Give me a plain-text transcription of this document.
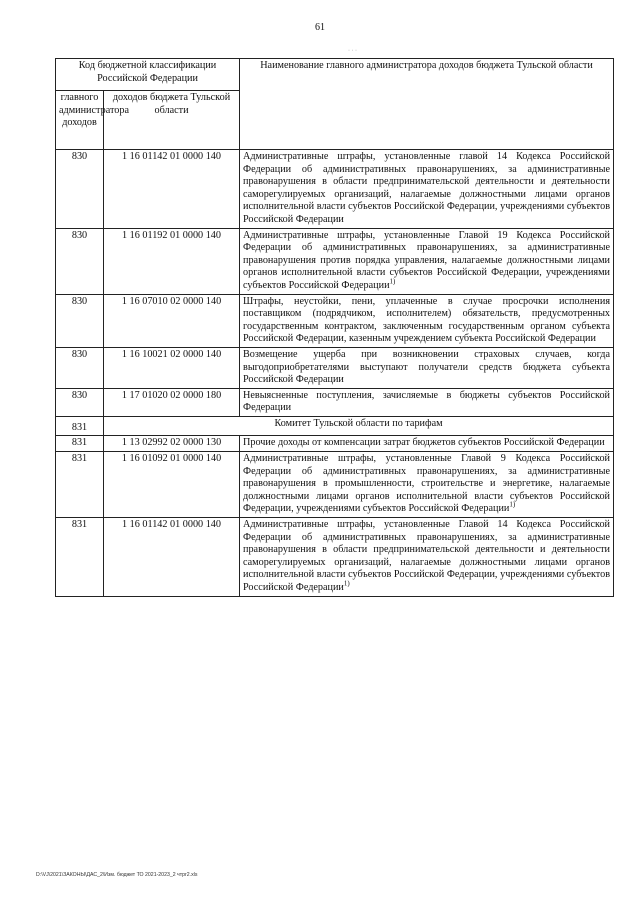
61
· · ·
Код бюджетной классификации Российской Федерации		Наименование главного администратора доходов бюджета Тульской области
главного администратора доходов	доходов бюджета Тульской области	
830	1 16 01142 01 0000 140	Административные штрафы, установленные главой 14 Кодекса Российской Федерации об административных правонарушениях, за административные правонарушения в области предпринимательской деятельности и деятельности саморегулируемых организаций, налагаемые должностными лицами органов исполнительной власти субъектов Российской Федерации, учреждениями субъектов Российской Федерации
830	1 16 01192 01 0000 140	Административные штрафы, установленные Главой 19 Кодекса Российской Федерации об административных правонарушениях, за административные правонарушения против порядка управления, налагаемые должностными лицами органов исполнительной власти субъектов Российской Федерации, учреждениями субъектов Российской Федерации$^{1)}$
830	1 16 07010 02 0000 140	Штрафы, неустойки, пени, уплаченные в случае просрочки исполнения поставщиком (подрядчиком, исполнителем) обязательств, предусмотренных государственным контрактом, заключенным государственным органом субъекта Российской Федерации, казенным учреждением субъекта Российской Федерации
830	1 16 10021 02 0000 140	Возмещение ущерба при возникновении страховых случаев, когда выгодоприобретателями выступают получатели средств бюджета субъекта Российской Федерации
830	1 17 01020 02 0000 180	Невыясненные поступления, зачисляемые в бюджеты субъектов Российской Федерации
831	Комитет Тульской области по тарифам	
831	1 13 02992 02 0000 130	Прочие доходы от компенсации затрат бюджетов субъектов Российской Федерации
831	1 16 01092 01 0000 140	Административные штрафы, установленные Главой 9 Кодекса Российской Федерации об административных правонарушениях, за административные правонарушения в промышленности, строительстве и энергетике, налагаемые должностными лицами органов исполнительной власти субъектов Российской Федерации, учреждениями субъектов Российской Федерации$^{1)}$
831	1 16 01142 01 0000 140	Административные штрафы, установленные Главой 14 Кодекса Российской Федерации об административных правонарушениях, за административные правонарушения в области предпринимательской деятельности и деятельности саморегулируемых организаций, налагаемые должностными лицами органов исполнительной власти субъектов Российской Федерации, учреждениями субъектов Российской Федерации$^{1)}$
D:\VJ\2021\ЗАКОНЫ\ДАС_2\Изм. бюджет ТО 2021-2023_2 чтpr2.xls
